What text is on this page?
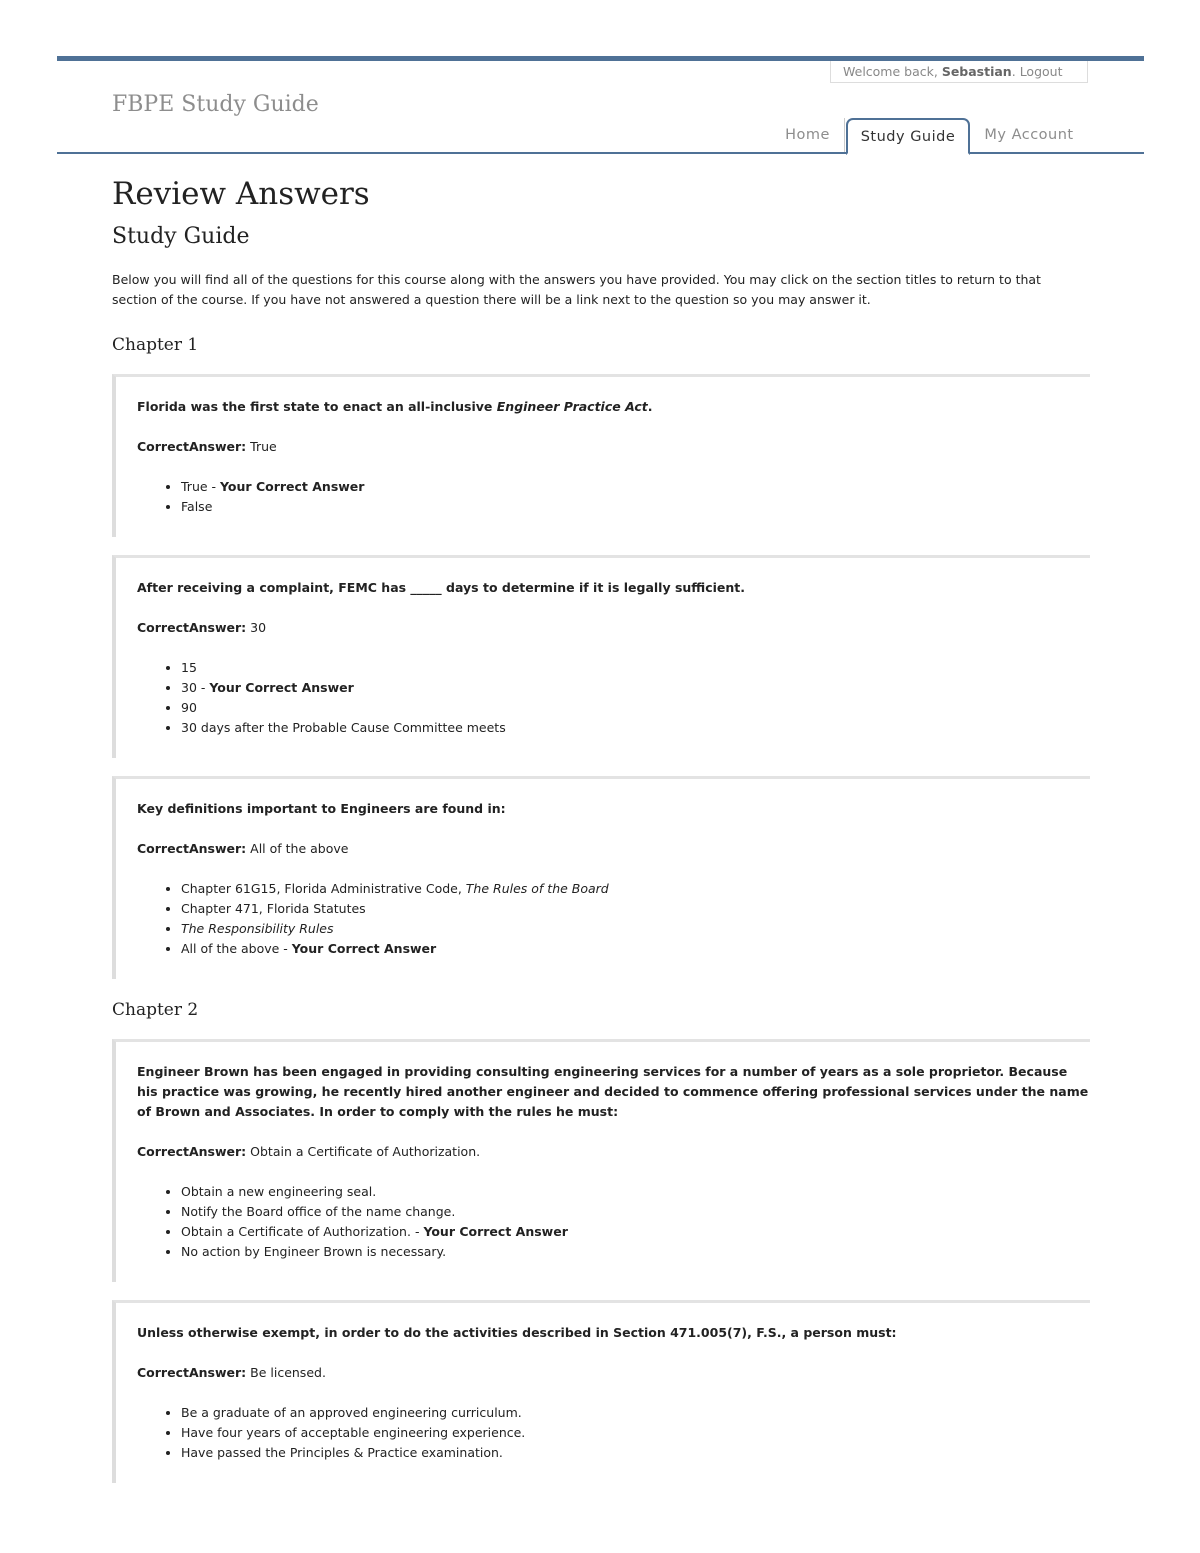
Welcome back, Sebastian. Logout
FBPE Study Guide
Home	Study Guide	My Account
Review Answers
Study Guide

Below you will find all of the questions for this course along with the answers you have provided. You may click on the section titles to return to that section of the course. If you have not answered a question there will be a link next to the question so you may answer it.

Chapter 1

Florida was the first state to enact an all-inclusive Engineer Practice Act.

CorrectAnswer: True

• True - Your Correct Answer
• False

After receiving a complaint, FEMC has _____ days to determine if it is legally sufficient.

CorrectAnswer: 30

• 15
• 30 - Your Correct Answer
• 90
• 30 days after the Probable Cause Committee meets

Key definitions important to Engineers are found in:

CorrectAnswer: All of the above

• Chapter 61G15, Florida Administrative Code, The Rules of the Board
• Chapter 471, Florida Statutes
• The Responsibility Rules
• All of the above - Your Correct Answer
Chapter 2

Engineer Brown has been engaged in providing consulting engineering services for a number of years as a sole proprietor. Because his practice was growing, he recently hired another engineer and decided to commence offering professional services under the name of Brown and Associates. In order to comply with the rules he must:

CorrectAnswer: Obtain a Certificate of Authorization.

• Obtain a new engineering seal.
• Notify the Board office of the name change.
• Obtain a Certificate of Authorization. - Your Correct Answer
• No action by Engineer Brown is necessary.

Unless otherwise exempt, in order to do the activities described in Section 471.005(7), F.S., a person must:

CorrectAnswer: Be licensed.

• Be a graduate of an approved engineering curriculum.
• Have four years of acceptable engineering experience.
• Have passed the Principles & Practice examination.
